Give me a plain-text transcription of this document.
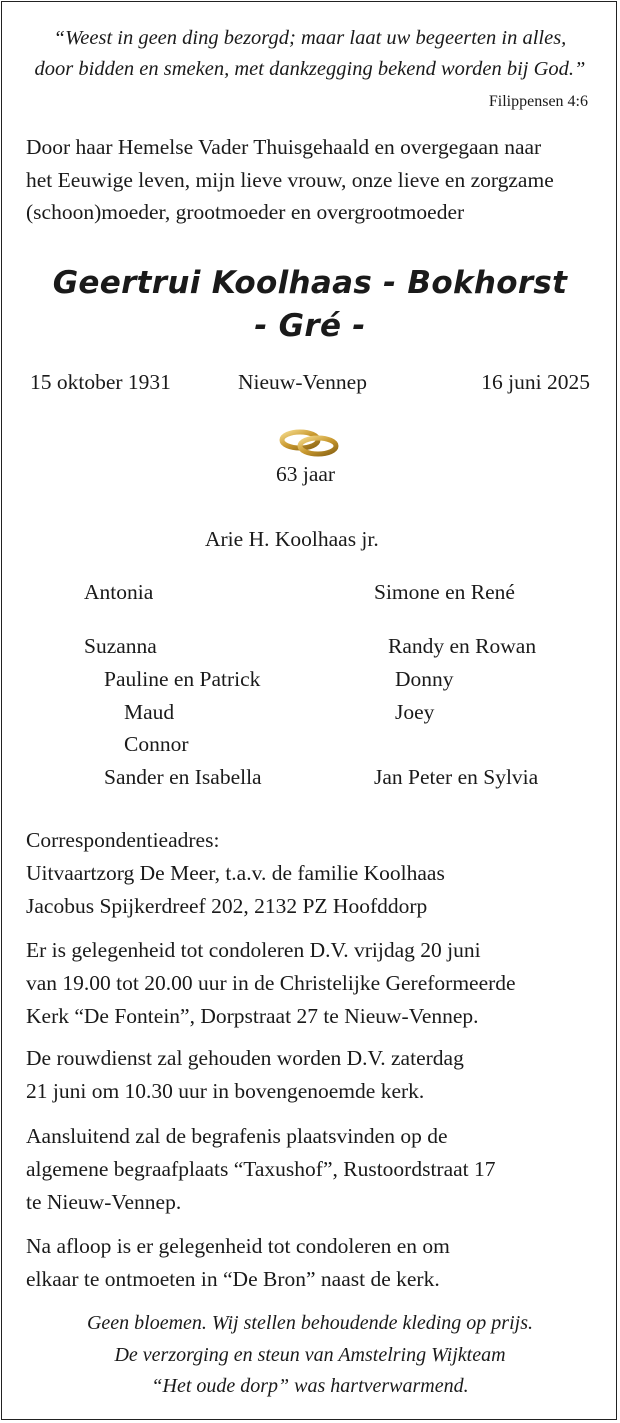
“Weest in geen ding bezorgd; maar laat uw begeerten in alles,
door bidden en smeken, met dankzegging bekend worden bij God.”
Filippensen 4:6
Door haar Hemelse Vader Thuisgehaald en overgegaan naar
het Eeuwige leven, mijn lieve vrouw, onze lieve en zorgzame
(schoon)moeder, grootmoeder en overgrootmoeder
Geertrui Koolhaas - Bokhorst
- Gré -
15 oktober 1931	Nieuw-Vennep	16 juni 2025
63 jaar
Arie H. Koolhaas jr.
Antonia
Suzanna
Pauline en Patrick
Maud
Connor
Sander en Isabella
Simone en René
Randy en Rowan
Donny
Joey
Jan Peter en Sylvia
Correspondentieadres:
Uitvaartzorg De Meer, t.a.v. de familie Koolhaas
Jacobus Spijkerdreef 202, 2132 PZ Hoofddorp
Er is gelegenheid tot condoleren D.V. vrijdag 20 juni
van 19.00 tot 20.00 uur in de Christelijke Gereformeerde
Kerk “De Fontein”, Dorpstraat 27 te Nieuw-Vennep.
De rouwdienst zal gehouden worden D.V. zaterdag
21 juni om 10.30 uur in bovengenoemde kerk.
Aansluitend zal de begrafenis plaatsvinden op de
algemene begraafplaats “Taxushof”, Rustoordstraat 17
te Nieuw-Vennep.
Na afloop is er gelegenheid tot condoleren en om
elkaar te ontmoeten in “De Bron” naast de kerk.
Geen bloemen. Wij stellen behoudende kleding op prijs.
De verzorging en steun van Amstelring Wijkteam
“Het oude dorp” was hartverwarmend.
